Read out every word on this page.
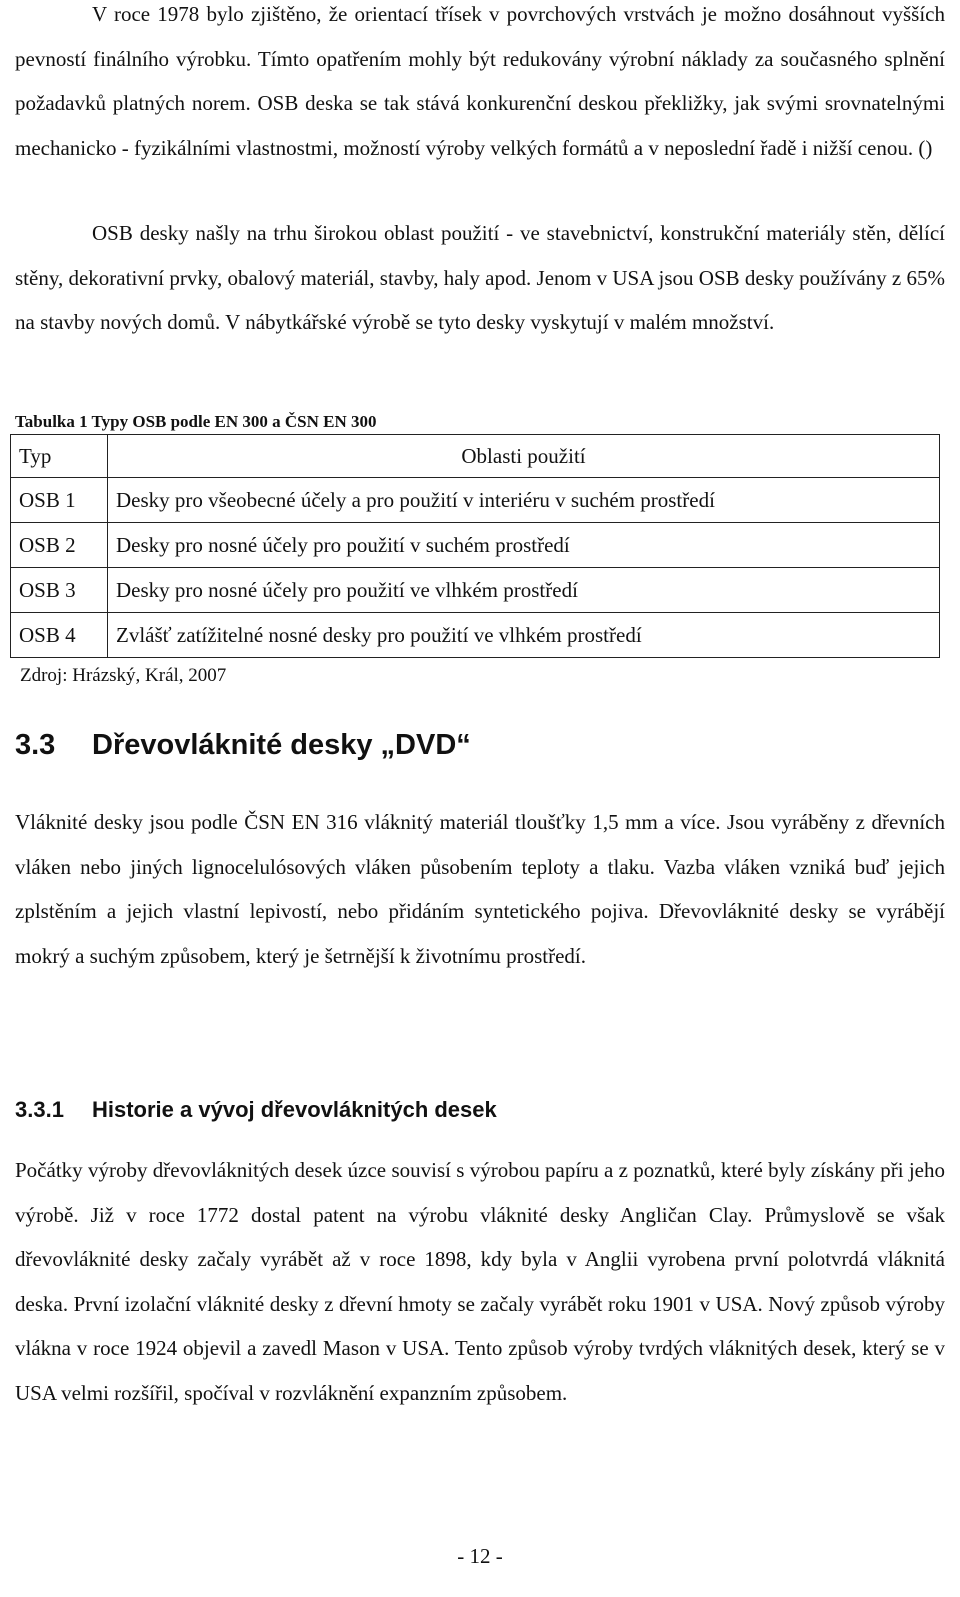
V roce 1978 bylo zjištěno, že orientací třísek v povrchových vrstvách je možno dosáhnout vyšších pevností finálního výrobku. Tímto opatřením mohly být redukovány výrobní náklady za současného splnění požadavků platných norem. OSB deska se tak stává konkurenční deskou překližky, jak svými srovnatelnými mechanicko - fyzikálními vlastnostmi, možností výroby velkých formátů a v neposlední řadě i nižší cenou. ()

OSB desky našly na trhu širokou oblast použití - ve stavebnictví, konstrukční materiály stěn, dělící stěny, dekorativní prvky, obalový materiál, stavby, haly apod. Jenom v USA jsou OSB desky používány z 65% na stavby nových domů. V nábytkářské výrobě se tyto desky vyskytují v malém množství.

Tabulka 1 Typy OSB podle EN 300 a ČSN EN 300

Typ	Oblasti použití
OSB 1	Desky pro všeobecné účely a pro použití v interiéru v suchém prostředí
OSB 2	Desky pro nosné účely pro použití v suchém prostředí
OSB 3	Desky pro nosné účely pro použití ve vlhkém prostředí
OSB 4	Zvlášť zatížitelné nosné desky pro použití ve vlhkém prostředí

Zdroj: Hrázský, Král, 2007

3.3 Dřevovláknité desky „DVD“

Vláknité desky jsou podle ČSN EN 316 vláknitý materiál tloušťky 1,5 mm a více. Jsou vyráběny z dřevních vláken nebo jiných lignocelulósových vláken působením teploty a tlaku. Vazba vláken vzniká buď jejich zplstěním a jejich vlastní lepivostí, nebo přidáním syntetického pojiva. Dřevovláknité desky se vyrábějí mokrý a suchým způsobem, který je šetrnější k životnímu prostředí.

3.3.1 Historie a vývoj dřevovláknitých desek

Počátky výroby dřevovláknitých desek úzce souvisí s výrobou papíru a z poznatků, které byly získány při jeho výrobě. Již v roce 1772 dostal patent na výrobu vláknité desky Angličan Clay. Průmyslově se však dřevovláknité desky začaly vyrábět až v roce 1898, kdy byla v Anglii vyrobena první polotvrdá vláknitá deska. První izolační vláknité desky z dřevní hmoty se začaly vyrábět roku 1901 v USA. Nový způsob výroby vlákna v roce 1924 objevil a zavedl Mason v USA. Tento způsob výroby tvrdých vláknitých desek, který se v USA velmi rozšířil, spočíval v rozvláknění expanzním způsobem.

- 12 -
